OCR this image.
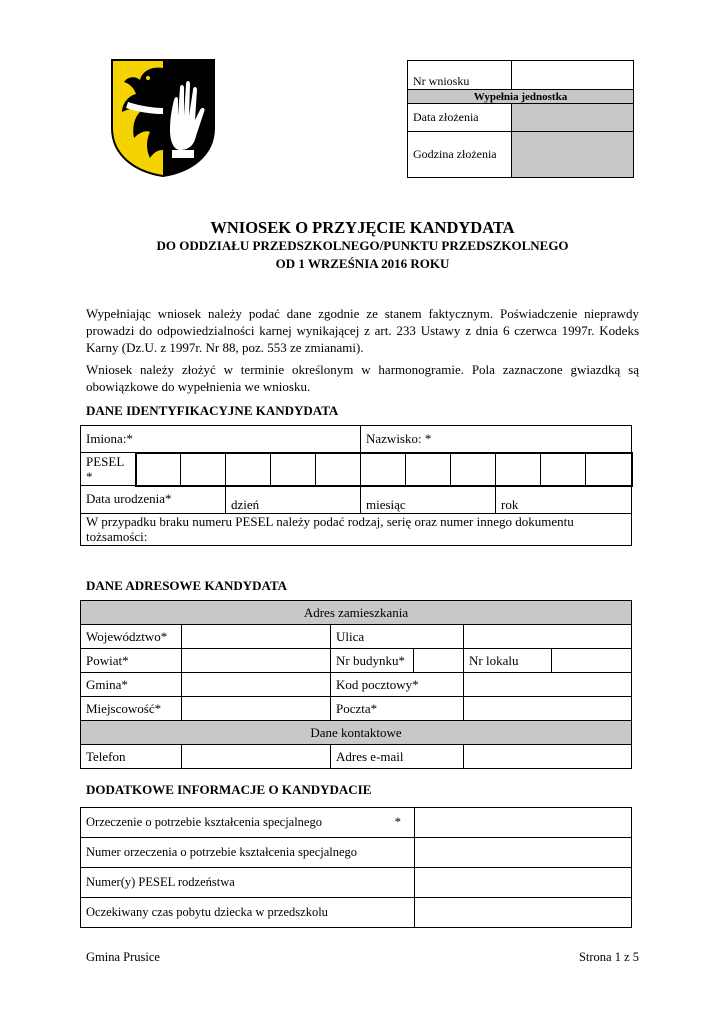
Nr wniosku	
Wypełnia jednostka	
Data złożenia	
Godzina złożenia	
WNIOSEK O PRZYJĘCIE KANDYDATA
DO ODDZIAŁU PRZEDSZKOLNEGO/PUNKTU PRZEDSZKOLNEGO
OD 1 WRZEŚNIA 2016 ROKU
Wypełniając wniosek należy podać dane zgodnie ze stanem faktycznym. Poświadczenie nieprawdy prowadzi do odpowiedzialności karnej wynikającej z art. 233 Ustawy z dnia 6 czerwca 1997r. Kodeks Karny (Dz.U. z 1997r. Nr 88, poz. 553 ze zmianami).
Wniosek należy złożyć w terminie określonym w harmonogramie. Pola zaznaczone gwiazdką są obowiązkowe do wypełnienia we wniosku.
DANE IDENTYFIKACYJNE KANDYDATA
Imiona:*						Nazwisko: *					
PESEL
*											
Data urodzenia*			dzień			miesiąc			rok		
W przypadku braku numeru PESEL należy podać rodzaj, serię oraz numer innego dokumentu tożsamości:											
DANE ADRESOWE KANDYDATA
Adres zamieszkania					
Województwo*		Ulica			
Powiat*		Nr budynku*		Nr lokalu	
Gmina*		Kod pocztowy*			
Miejscowość*		Poczta*			
Dane kontaktowe					
Telefon		Adres e-mail			
DODATKOWE INFORMACJE O KANDYDACIE
Orzeczenie o potrzebie kształcenia specjalnego *	

Numer orzeczenia o potrzebie kształcenia specjalnego	
Numer(y) PESEL rodzeństwa	
Oczekiwany czas pobytu dziecka w przedszkolu	
Gmina Prusice	Strona 1 z 5
